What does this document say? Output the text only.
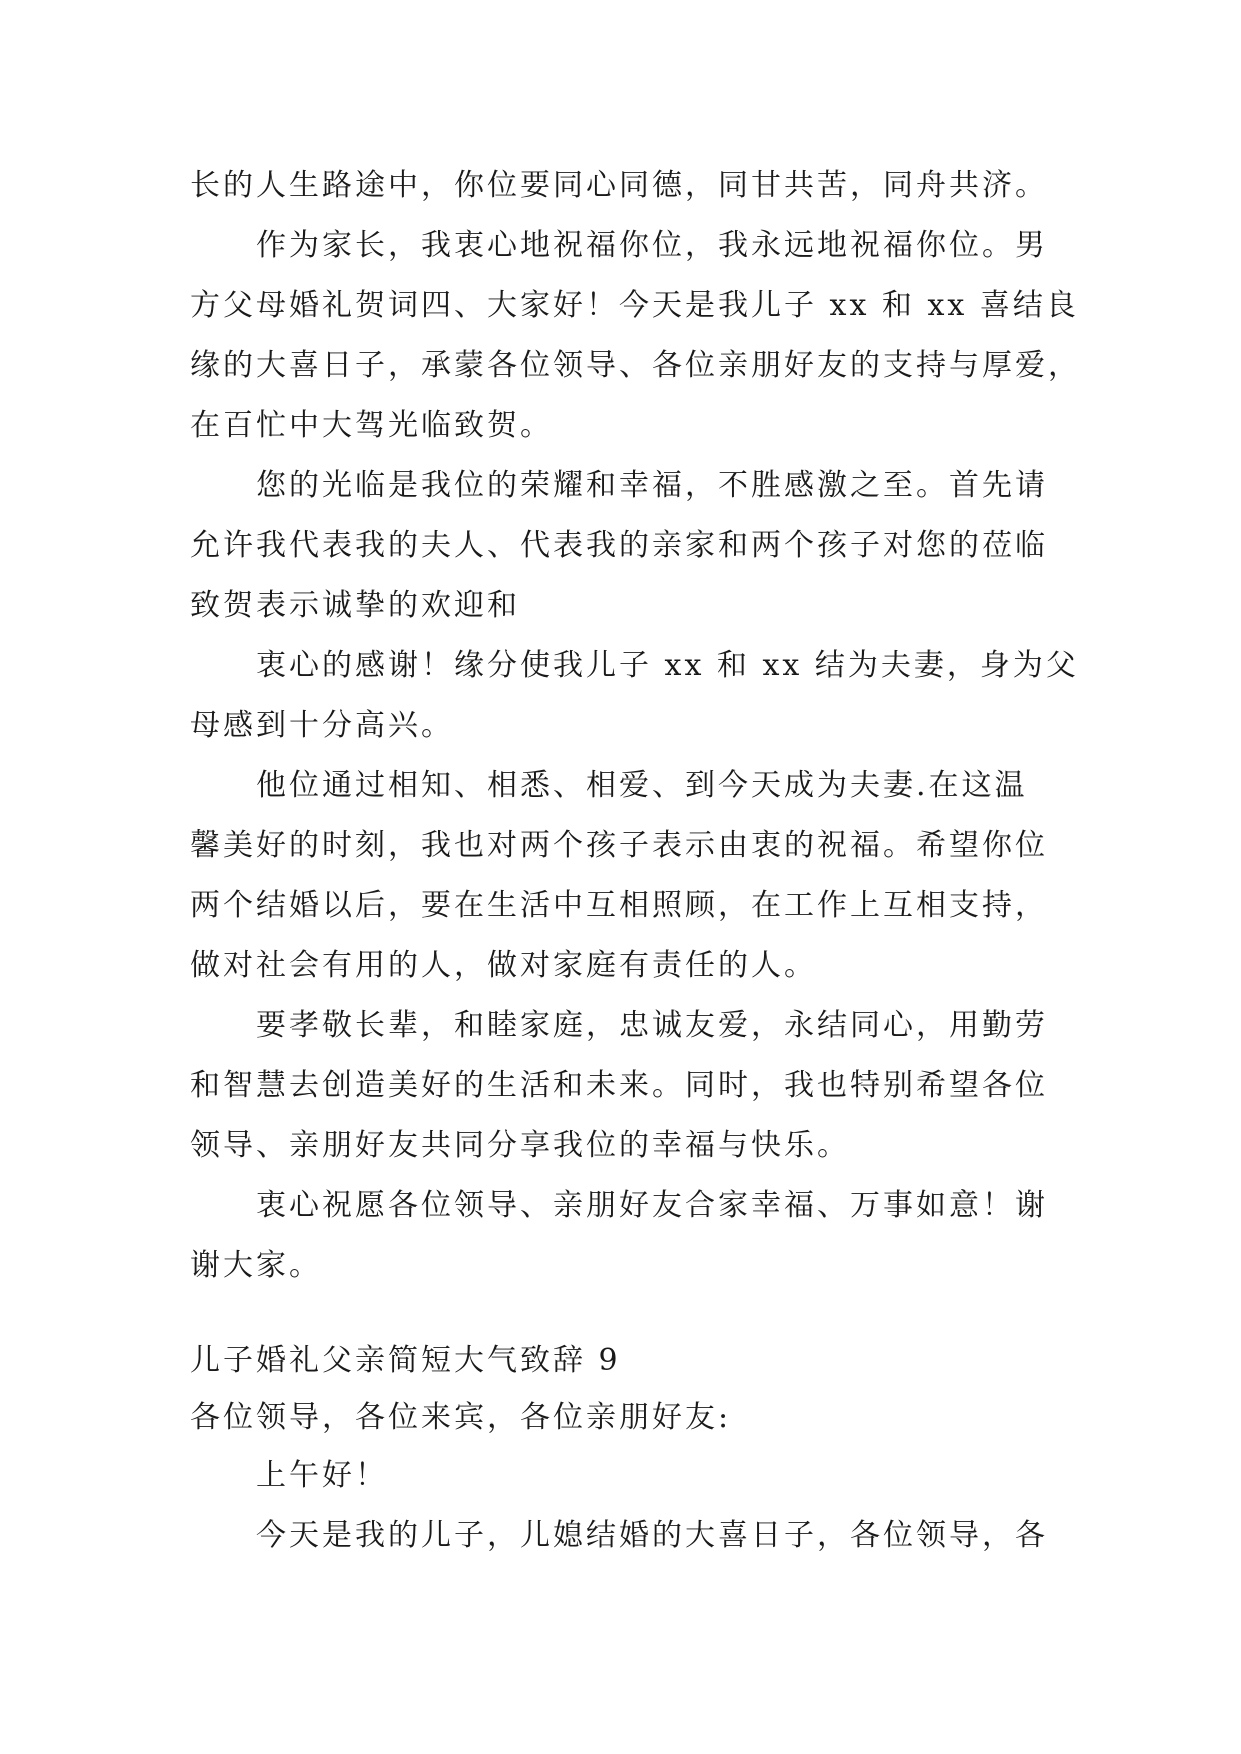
长的人生路途中，你位要同心同德，同甘共苦，同舟共济。
作为家长，我衷心地祝福你位，我永远地祝福你位。男
方父母婚礼贺词四、大家好！今天是我儿子 xx 和 xx 喜结良
缘的大喜日子，承蒙各位领导、各位亲朋好友的支持与厚爱，
在百忙中大驾光临致贺。
您的光临是我位的荣耀和幸福，不胜感激之至。首先请
允许我代表我的夫人、代表我的亲家和两个孩子对您的莅临
致贺表示诚挚的欢迎和
衷心的感谢！缘分使我儿子 xx 和 xx 结为夫妻，身为父
母感到十分高兴。
他位通过相知、相悉、相爱、到今天成为夫妻.在这温
馨美好的时刻，我也对两个孩子表示由衷的祝福。希望你位
两个结婚以后，要在生活中互相照顾，在工作上互相支持，
做对社会有用的人，做对家庭有责任的人。
要孝敬长辈，和睦家庭，忠诚友爱，永结同心，用勤劳
和智慧去创造美好的生活和未来。同时，我也特别希望各位
领导、亲朋好友共同分享我位的幸福与快乐。
衷心祝愿各位领导、亲朋好友合家幸福、万事如意！谢
谢大家。
儿子婚礼父亲简短大气致辞 9
各位领导，各位来宾，各位亲朋好友:
上午好！
今天是我的儿子，儿媳结婚的大喜日子，各位领导，各
